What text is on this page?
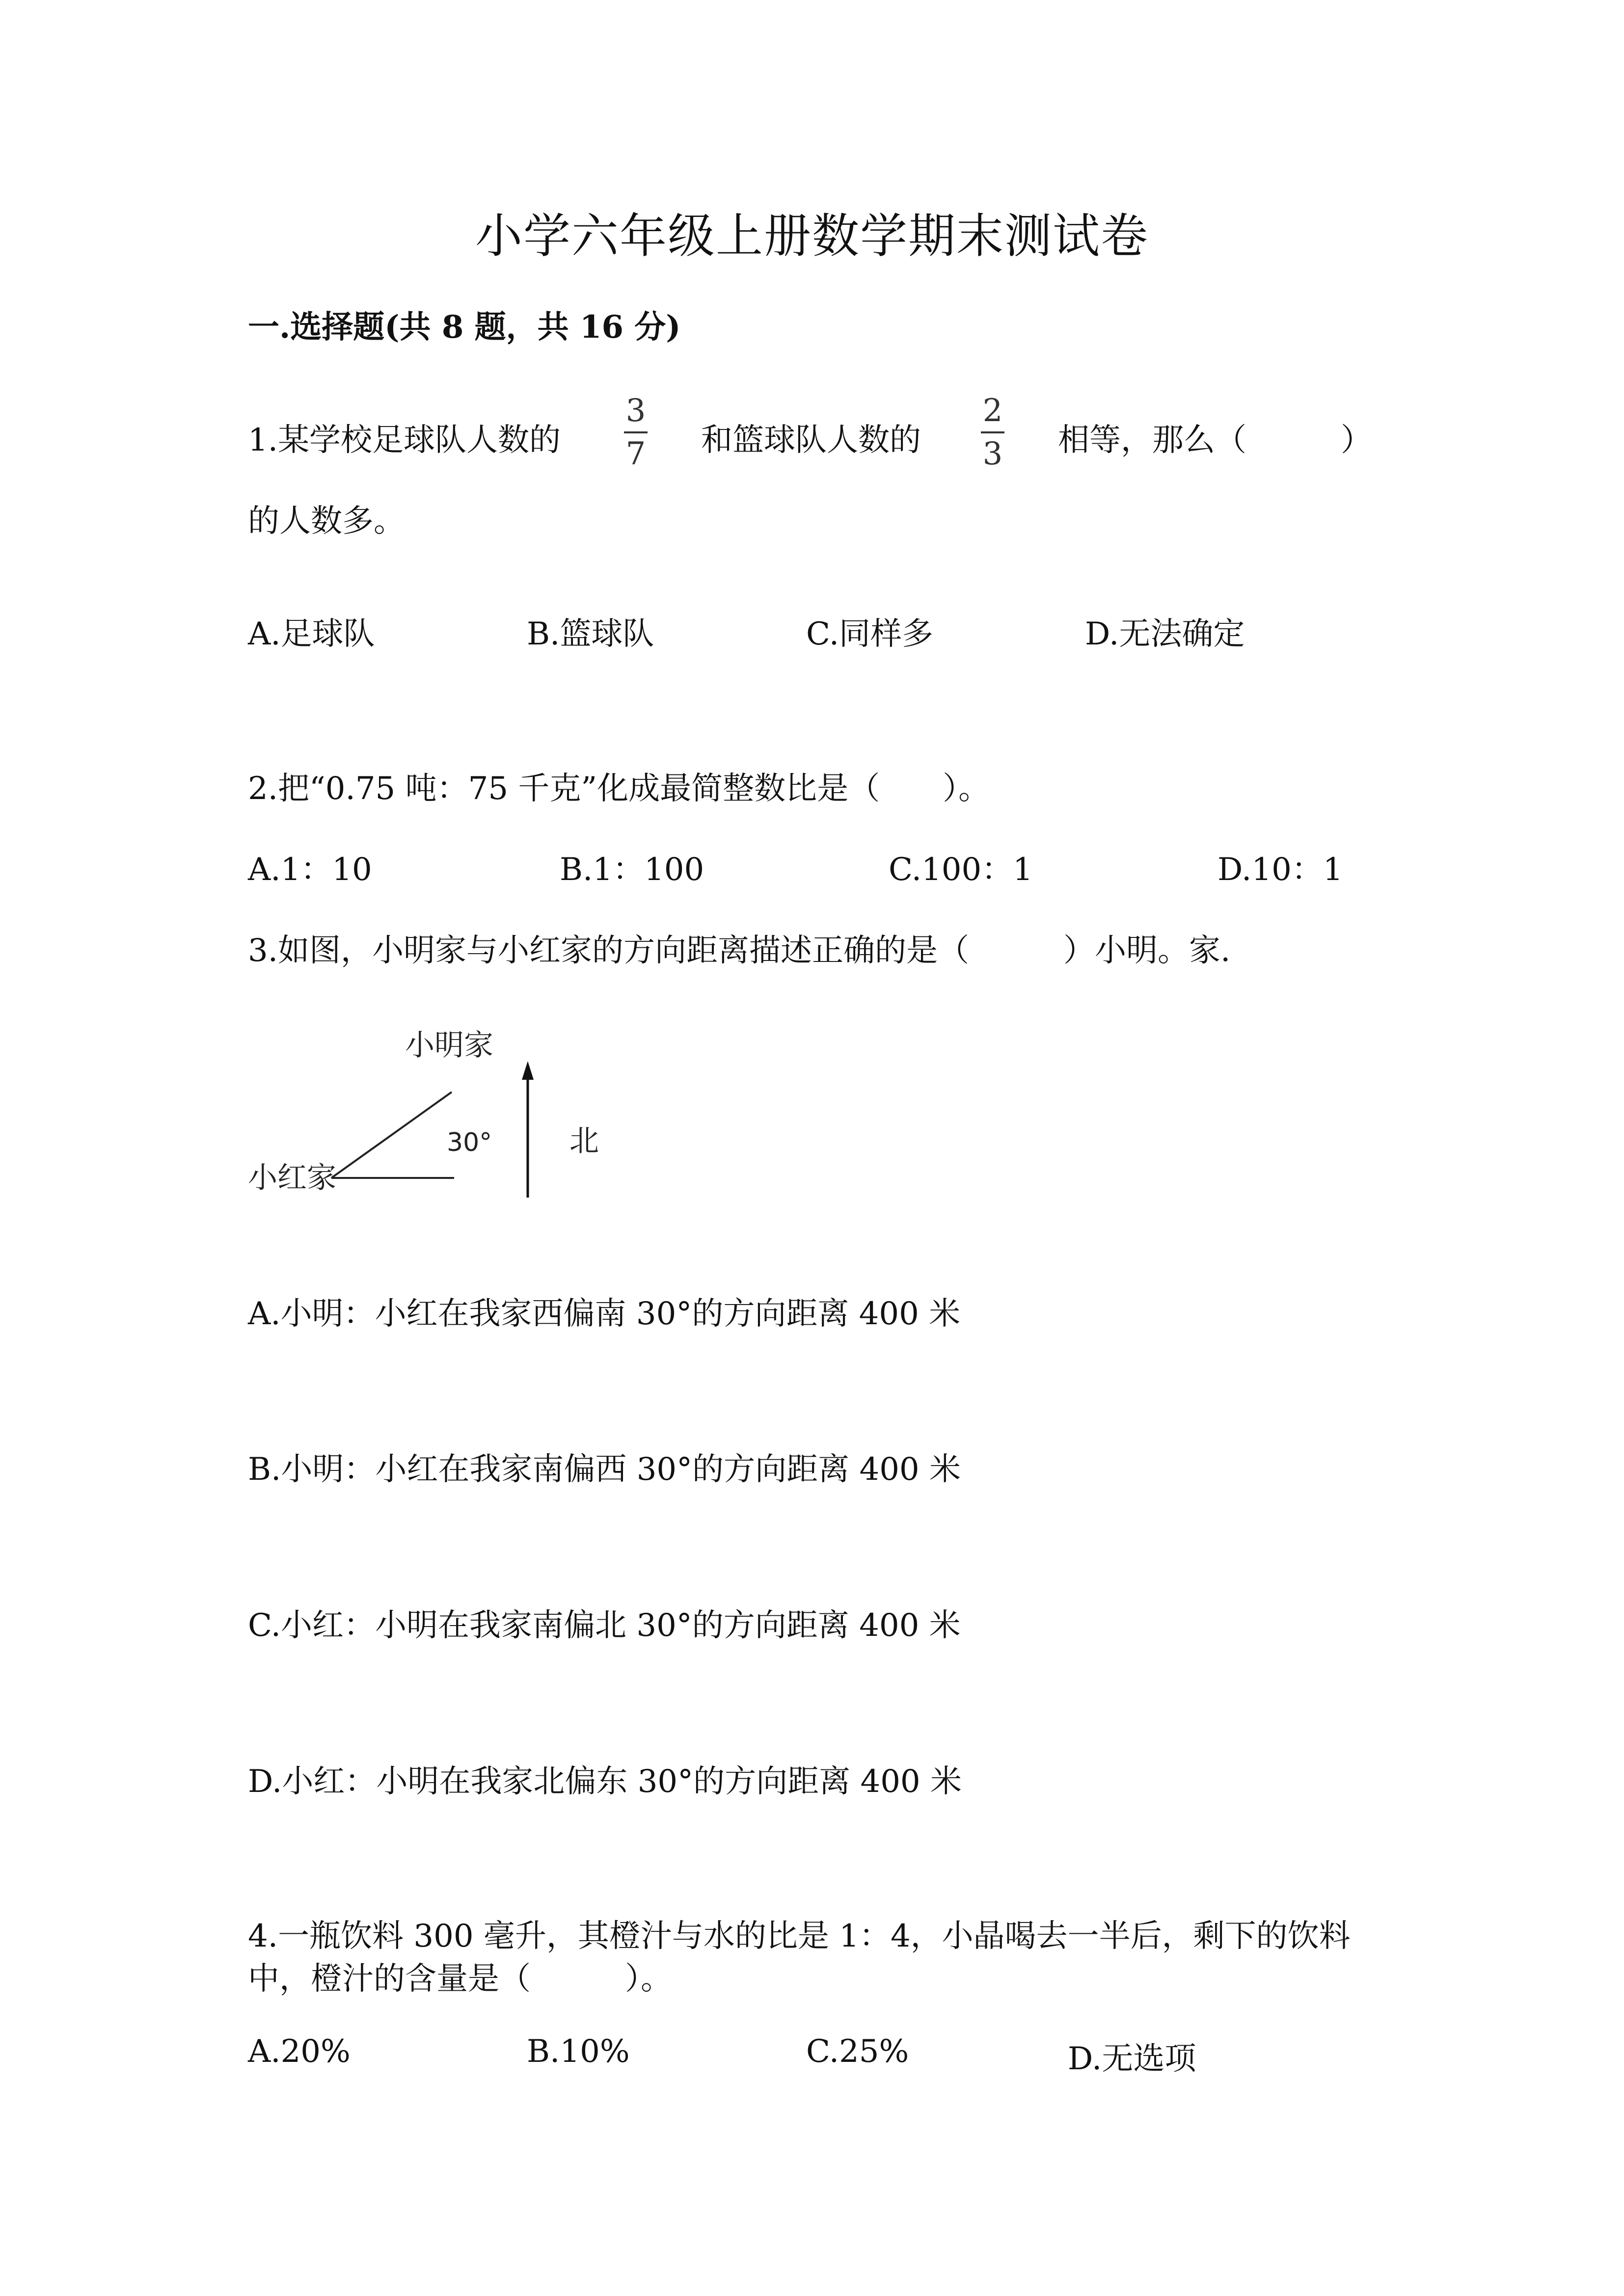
小学六年级上册数学期末测试卷
一.选择题(共 8 题，共 16 分)
1.某学校足球队人数的
3
7 和篮球队人数的
2
3 相等，那么（　　　）
的人数多。
A.足球队	B.篮球队	C.同样多	D.无法确定
2.把“0.75 吨：75 千克”化成最简整数比是（　　）。
A.1：10	B.1：100	C.100：1	D.10：1
3.如图，小明家与小红家的方向距离描述正确的是（　　　）小明。家.
小明家
小红家
30°	北
A.小明：小红在我家西偏南 30°的方向距离 400 米
B.小明：小红在我家南偏西 30°的方向距离 400 米
C.小红：小明在我家南偏北 30°的方向距离 400 米
D.小红：小明在我家北偏东 30°的方向距离 400 米
4.一瓶饮料 300 毫升，其橙汁与水的比是 1：4，小晶喝去一半后，剩下的饮料
中，橙汁的含量是（　　　）。
A.20%	B.10%	C.25%	D.无选项
